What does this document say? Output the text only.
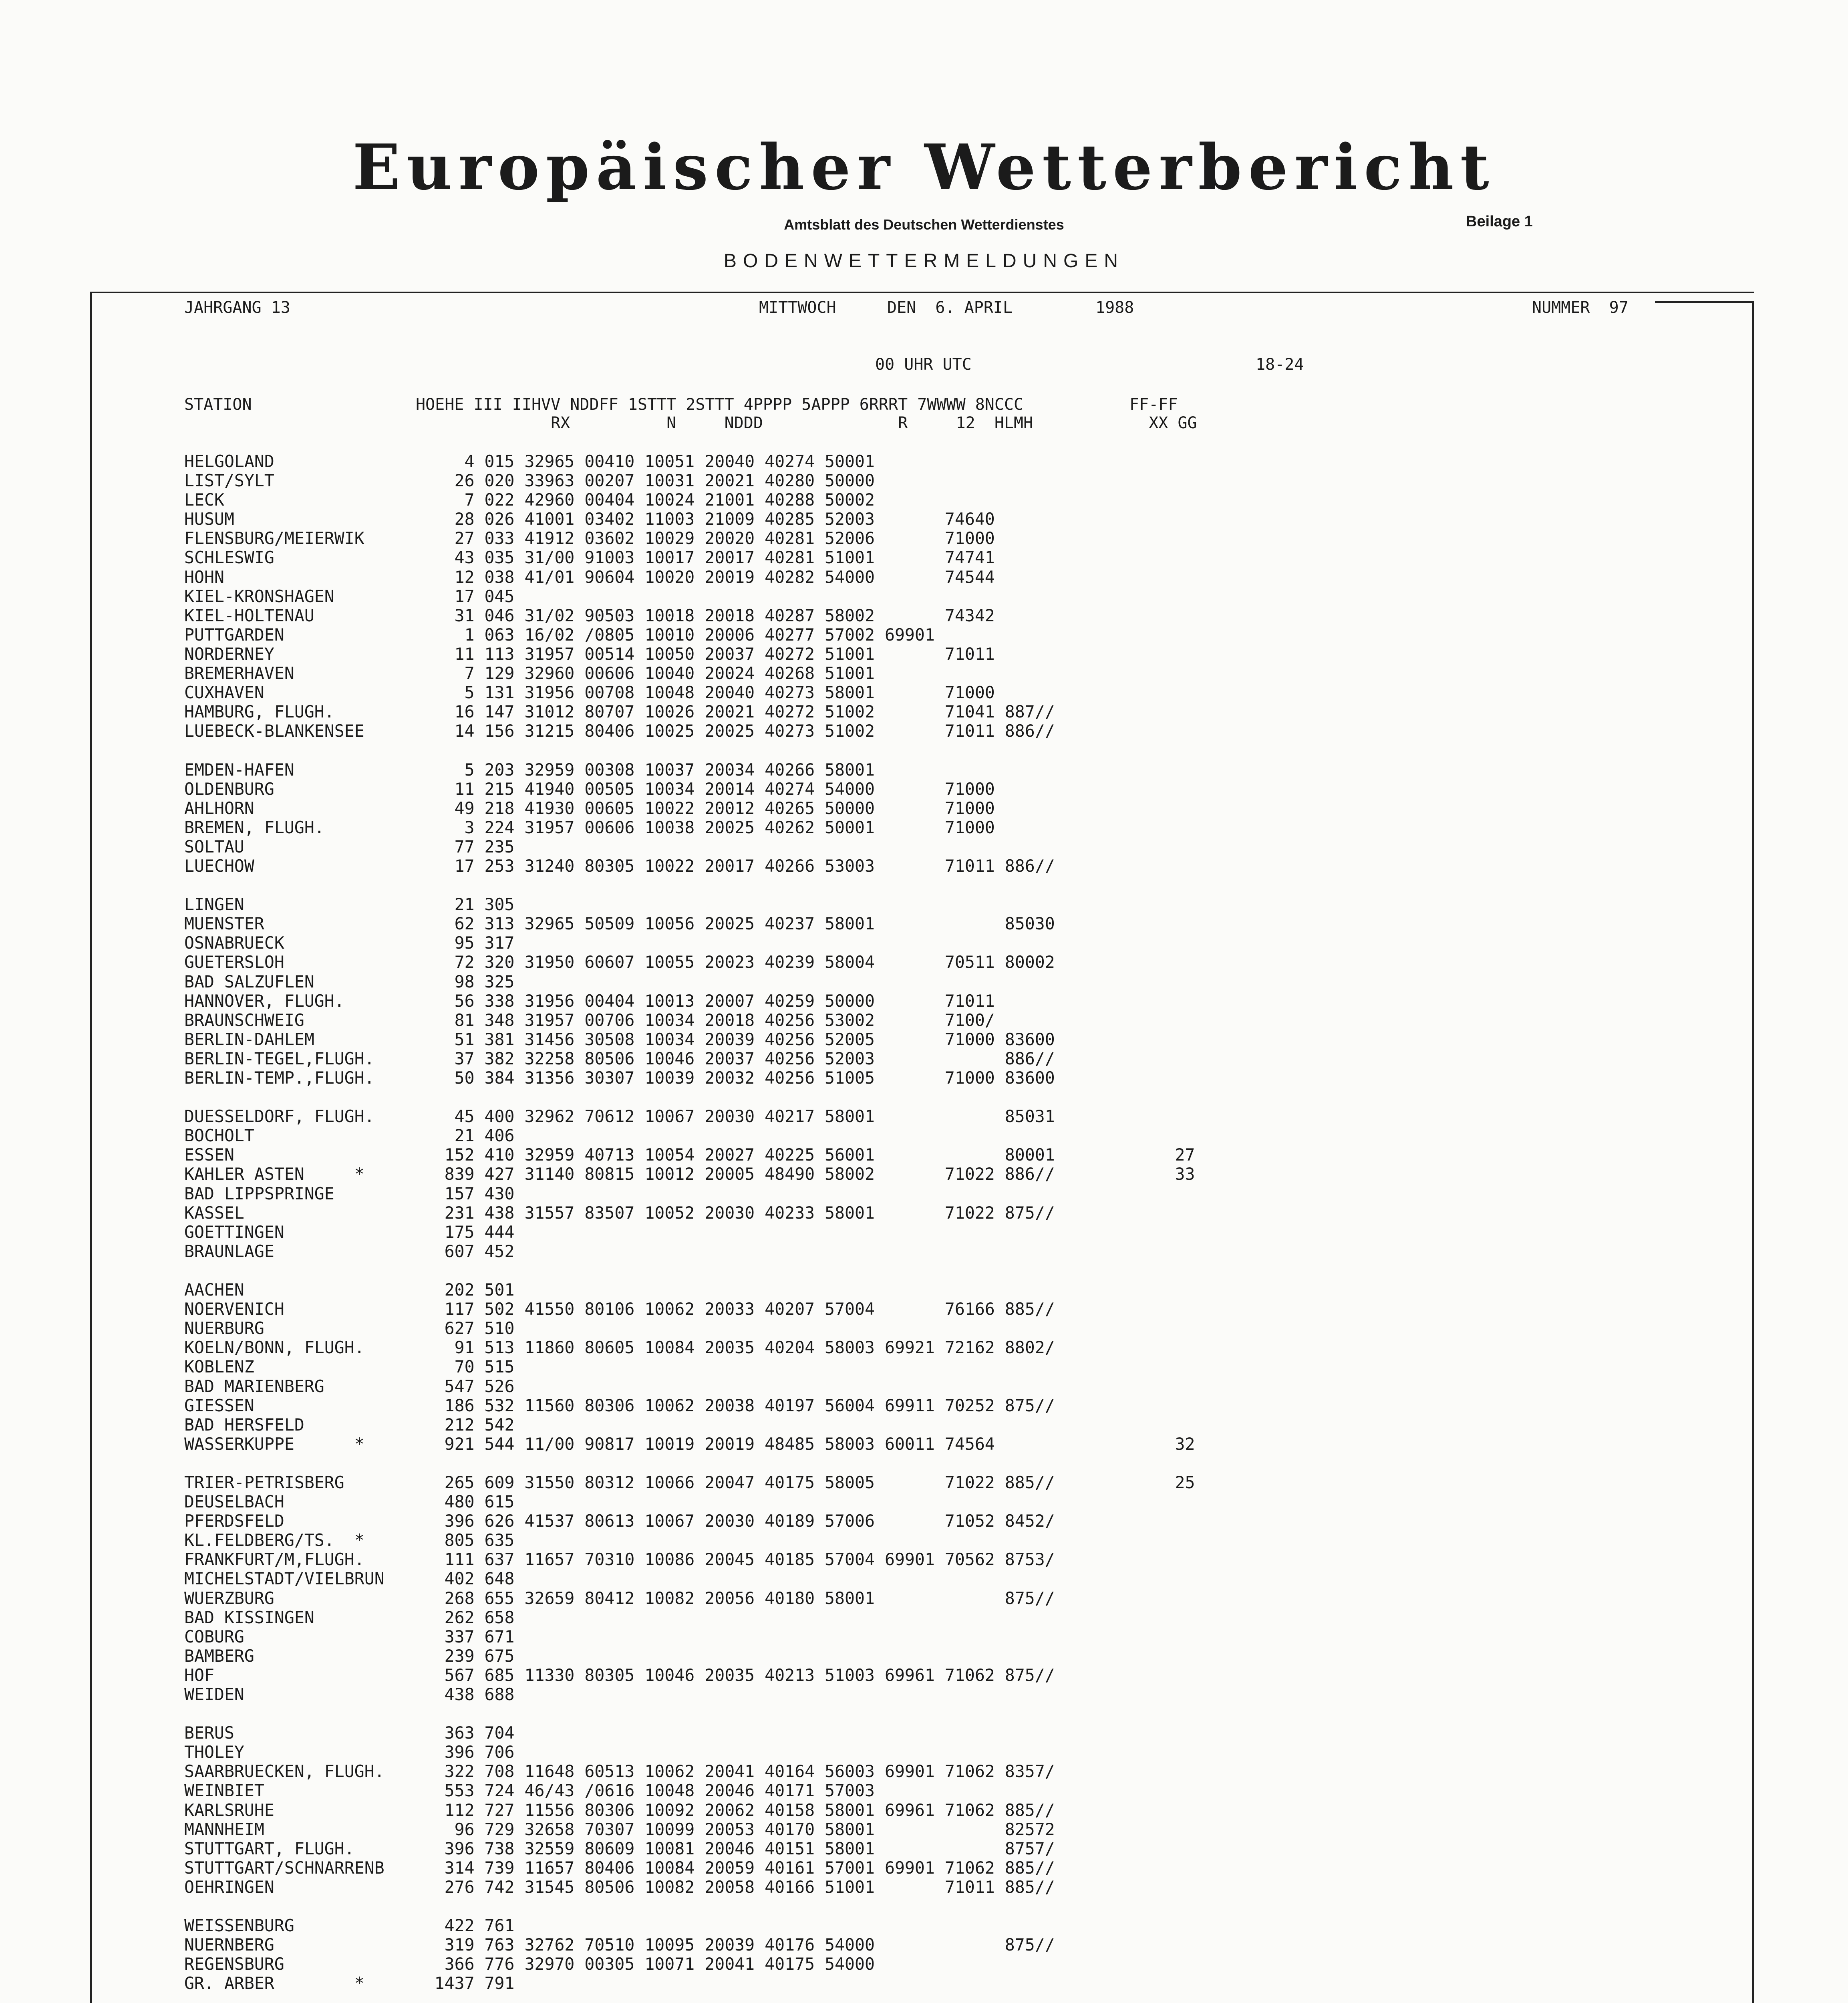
Europäischer Wetterbericht
Amtsblatt des Deutschen Wetterdienstes	Beilage 1
BODENWETTERMELDUNGEN
JAHRGANG 13	MITTWOCH	DEN  6. APRIL	1988	NUMMER  97
00 UHR UTC	18-24
STATION                 HOEHE III IIHVV NDDFF 1STTT 2STTT 4PPPP 5APPP 6RRRT 7WWWW 8NCCC           FF-FF
RX          N     NDDD              R     12  HLMH            XX GG
HELGOLAND                   4 015 32965 00410 10051 20040 40274 50001
LIST/SYLT                  26 020 33963 00207 10031 20021 40280 50000
LECK                        7 022 42960 00404 10024 21001 40288 50002
HUSUM                      28 026 41001 03402 11003 21009 40285 52003       74640
FLENSBURG/MEIERWIK         27 033 41912 03602 10029 20020 40281 52006       71000
SCHLESWIG                  43 035 31/00 91003 10017 20017 40281 51001       74741
HOHN                       12 038 41/01 90604 10020 20019 40282 54000       74544
KIEL-KRONSHAGEN            17 045
KIEL-HOLTENAU              31 046 31/02 90503 10018 20018 40287 58002       74342
PUTTGARDEN                  1 063 16/02 /0805 10010 20006 40277 57002 69901
NORDERNEY                  11 113 31957 00514 10050 20037 40272 51001       71011
BREMERHAVEN                 7 129 32960 00606 10040 20024 40268 51001
CUXHAVEN                    5 131 31956 00708 10048 20040 40273 58001       71000
HAMBURG, FLUGH.            16 147 31012 80707 10026 20021 40272 51002       71041 887//
LUEBECK-BLANKENSEE         14 156 31215 80406 10025 20025 40273 51002       71011 886//
EMDEN-HAFEN                 5 203 32959 00308 10037 20034 40266 58001
OLDENBURG                  11 215 41940 00505 10034 20014 40274 54000       71000
AHLHORN                    49 218 41930 00605 10022 20012 40265 50000       71000
BREMEN, FLUGH.              3 224 31957 00606 10038 20025 40262 50001       71000
SOLTAU                     77 235
LUECHOW                    17 253 31240 80305 10022 20017 40266 53003       71011 886//
LINGEN                     21 305
MUENSTER                   62 313 32965 50509 10056 20025 40237 58001             85030
OSNABRUECK                 95 317
GUETERSLOH                 72 320 31950 60607 10055 20023 40239 58004       70511 80002
BAD SALZUFLEN              98 325
HANNOVER, FLUGH.           56 338 31956 00404 10013 20007 40259 50000       71011
BRAUNSCHWEIG               81 348 31957 00706 10034 20018 40256 53002       7100/
BERLIN-DAHLEM              51 381 31456 30508 10034 20039 40256 52005       71000 83600
BERLIN-TEGEL,FLUGH.        37 382 32258 80506 10046 20037 40256 52003             886//
BERLIN-TEMP.,FLUGH.        50 384 31356 30307 10039 20032 40256 51005       71000 83600
DUESSELDORF, FLUGH.        45 400 32962 70612 10067 20030 40217 58001             85031
BOCHOLT                    21 406
ESSEN                     152 410 32959 40713 10054 20027 40225 56001             80001            27
KAHLER ASTEN     *        839 427 31140 80815 10012 20005 48490 58002       71022 886//            33
BAD LIPPSPRINGE           157 430
KASSEL                    231 438 31557 83507 10052 20030 40233 58001       71022 875//
GOETTINGEN                175 444
BRAUNLAGE                 607 452
AACHEN                    202 501
NOERVENICH                117 502 41550 80106 10062 20033 40207 57004       76166 885//
NUERBURG                  627 510
KOELN/BONN, FLUGH.         91 513 11860 80605 10084 20035 40204 58003 69921 72162 8802/
KOBLENZ                    70 515
BAD MARIENBERG            547 526
GIESSEN                   186 532 11560 80306 10062 20038 40197 56004 69911 70252 875//
BAD HERSFELD              212 542
WASSERKUPPE      *        921 544 11/00 90817 10019 20019 48485 58003 60011 74564                  32
TRIER-PETRISBERG          265 609 31550 80312 10066 20047 40175 58005       71022 885//            25
DEUSELBACH                480 615
PFERDSFELD                396 626 41537 80613 10067 20030 40189 57006       71052 8452/
KL.FELDBERG/TS.  *        805 635
FRANKFURT/M,FLUGH.        111 637 11657 70310 10086 20045 40185 57004 69901 70562 8753/
MICHELSTADT/VIELBRUN      402 648
WUERZBURG                 268 655 32659 80412 10082 20056 40180 58001             875//
BAD KISSINGEN             262 658
COBURG                    337 671
BAMBERG                   239 675
HOF                       567 685 11330 80305 10046 20035 40213 51003 69961 71062 875//
WEIDEN                    438 688
BERUS                     363 704
THOLEY                    396 706
SAARBRUECKEN, FLUGH.      322 708 11648 60513 10062 20041 40164 56003 69901 71062 8357/
WEINBIET                  553 724 46/43 /0616 10048 20046 40171 57003
KARLSRUHE                 112 727 11556 80306 10092 20062 40158 58001 69961 71062 885//
MANNHEIM                   96 729 32658 70307 10099 20053 40170 58001             82572
STUTTGART, FLUGH.         396 738 32559 80609 10081 20046 40151 58001             8757/
STUTTGART/SCHNARRENB      314 739 11657 80406 10084 20059 40161 57001 69901 71062 885//
OEHRINGEN                 276 742 31545 80506 10082 20058 40166 51001       71011 885//
WEISSENBURG               422 761
NUERNBERG                 319 763 32762 70510 10095 20039 40176 54000             875//
REGENSBURG                366 776 32970 00305 10071 20041 40175 54000
GR. ARBER        *       1437 791
